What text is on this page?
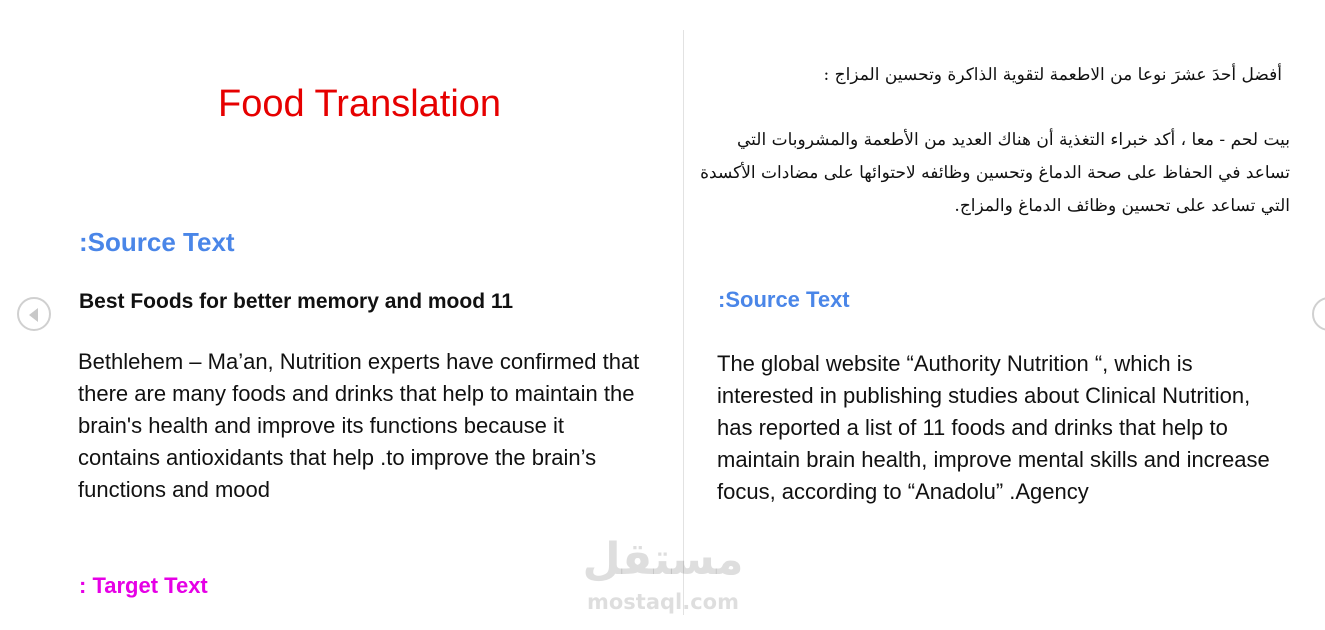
Food Translation
:Source Text
Best Foods for better memory and mood 11
Bethlehem – Ma’an, Nutrition experts have confirmed that there are many foods and drinks that help to maintain the brain's health and improve its functions because it contains antioxidants that help .to improve the brain’s functions and mood
: Target Text
أفضل أحدَ عشرَ نوعا من الاطعمة لتقوية الذاكرة وتحسين المزاج :
بيت لحم - معا ، أكد خبراء التغذية أن هناك العديد من الأطعمة والمشروبات التي تساعد في الحفاظ على صحة الدماغ وتحسين وظائفه لاحتوائها على مضادات الأكسدة التي تساعد على تحسين وظائف الدماغ والمزاج.
:Source Text
The global website “Authority Nutrition “, which is interested in publishing studies about Clinical Nutrition, has reported a list of 11 foods and drinks that help to maintain brain health, improve mental skills and increase focus, according to “Anadolu” .Agency
مستقل
mostaql.com
